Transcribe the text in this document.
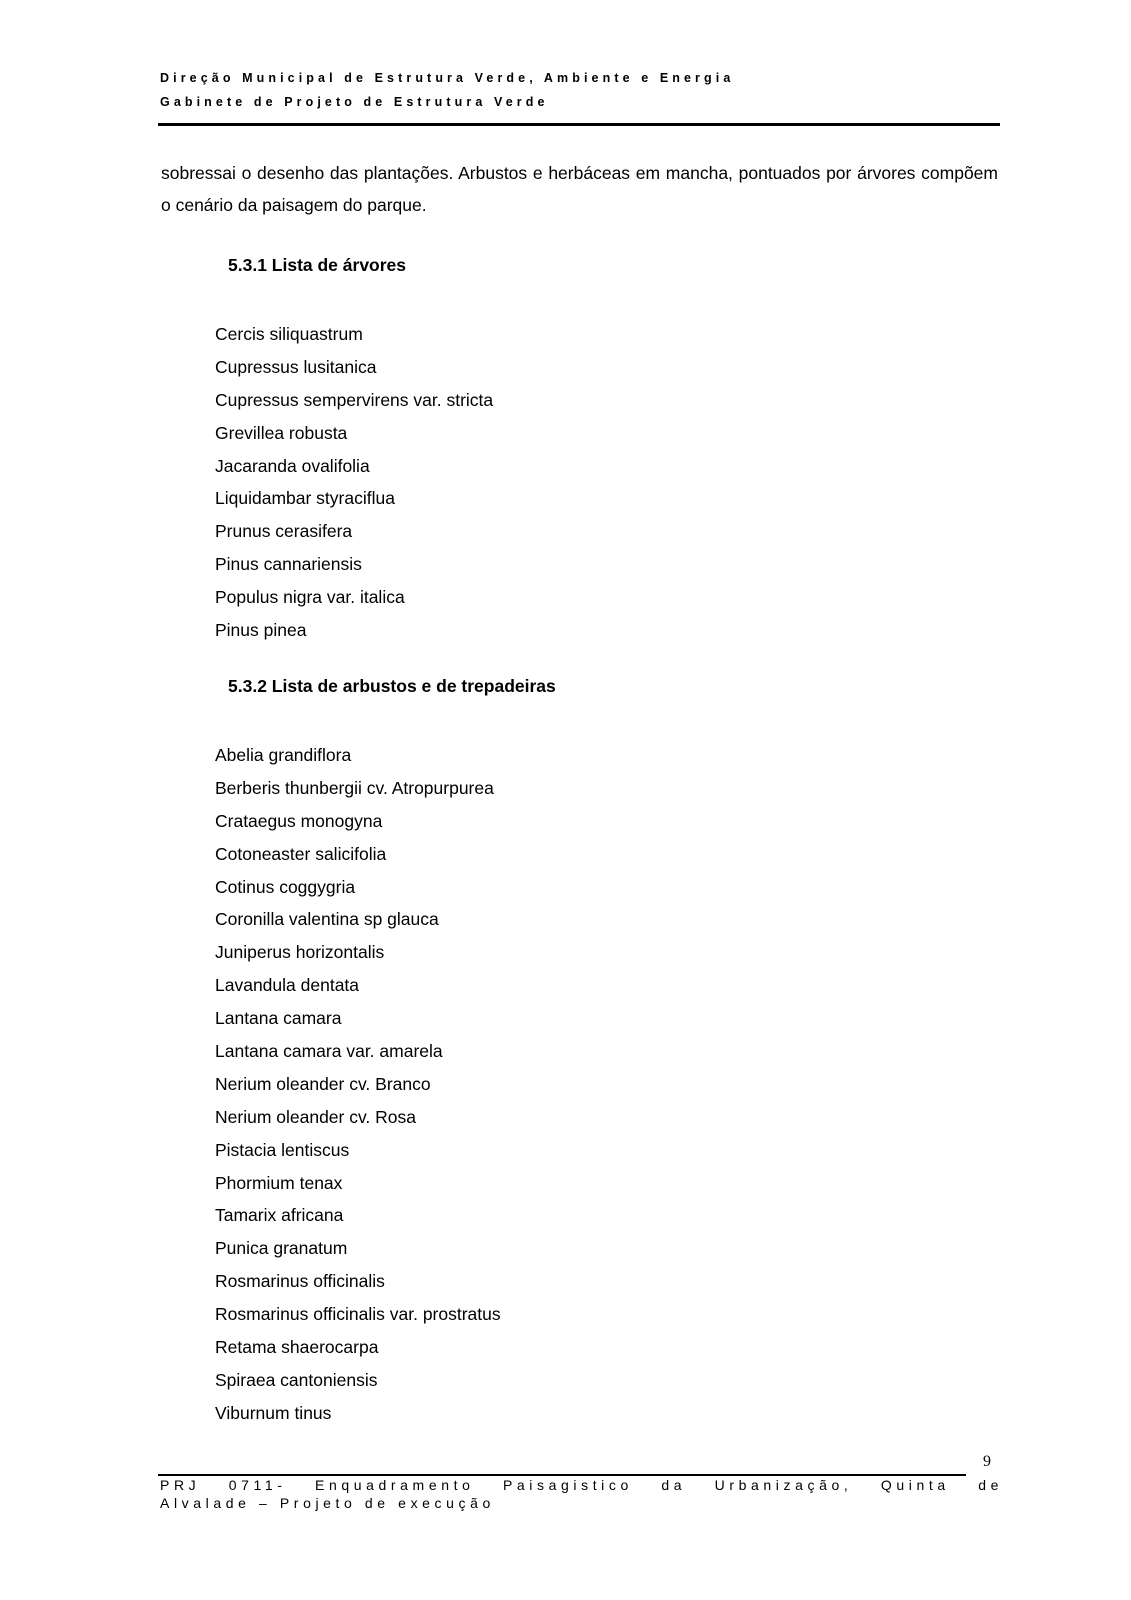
Direção Municipal de Estrutura Verde, Ambiente e Energia
Gabinete de Projeto de Estrutura Verde

sobressai o desenho das plantações. Arbustos e herbáceas em mancha, pontuados por árvores compõem o cenário da paisagem do parque.

5.3.1 Lista de árvores
Cercis siliquastrum
Cupressus lusitanica
Cupressus sempervirens var. stricta
Grevillea robusta
Jacaranda ovalifolia
Liquidambar styraciflua
Prunus cerasifera
Pinus cannariensis
Populus nigra var. italica
Pinus pinea
5.3.2 Lista de arbustos e de trepadeiras
Abelia grandiflora
Berberis thunbergii cv. Atropurpurea
Crataegus monogyna
Cotoneaster salicifolia
Cotinus coggygria
Coronilla valentina sp glauca
Juniperus horizontalis
Lavandula dentata
Lantana camara
Lantana camara var. amarela
Nerium oleander cv. Branco
Nerium oleander cv. Rosa
Pistacia lentiscus
Phormium tenax
Tamarix africana
Punica granatum
Rosmarinus officinalis
Rosmarinus officinalis var. prostratus
Retama shaerocarpa
Spiraea cantoniensis
Viburnum tinus
9
PRJ 0711- Enquadramento Paisagistico da Urbanização, Quinta de
Alvalade – Projeto de execução
